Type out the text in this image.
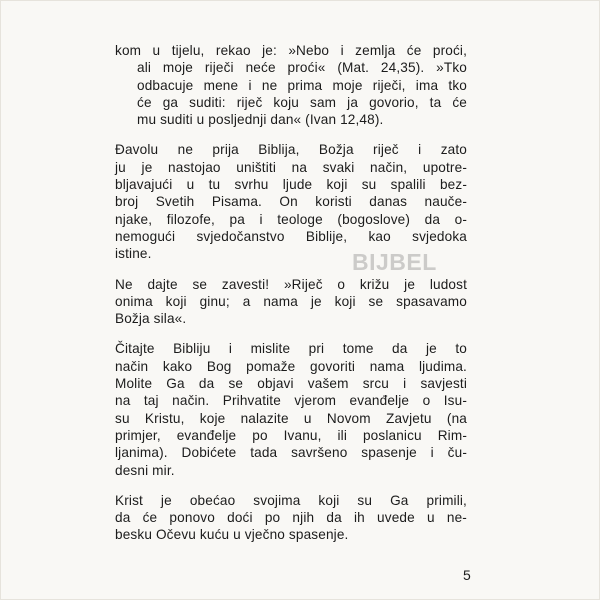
kom u tijelu, rekao je: »Nebo i zemlja će proći,
ali moje riječi neće proći« (Mat. 24,35). »Tko
odbacuje mene i ne prima moje riječi, ima tko
će ga suditi: riječ koju sam ja govorio, ta će
mu suditi u posljednji dan« (Ivan 12,48).
Đavolu ne prija Biblija, Božja riječ i zato
ju je nastojao uništiti na svaki način, upotre-
bljavajući u tu svrhu ljude koji su spalili bez-
broj Svetih Pisama. On koristi danas naučе-
njake, filozofe, pa i teologe (bogoslove) da o-
nemogući svjedočanstvo Biblije, kao svjedoka
istine.
Ne dajte se zavesti! »Riječ o križu je ludost
onima koji ginu; a nama je koji se spasavamo
Božja sila«.
Čitajte Bibliju i mislite pri tome da je to
način kako Bog pomaže govoriti nama ljudima.
Molite Ga da se objavi vašem srcu i savjesti
na taj način. Prihvatite vjerom evanđelje o Isu-
su Kristu, koje nalazite u Novom Zavjetu (na
primjer, evanđelje po Ivanu, ili poslanicu Rim-
ljanima). Dobićete tada savršeno spasenje i ču-
desni mir.
Krist je obećao svojima koji su Ga primili,
da će ponovo doći po njih da ih uvede u ne-
besku Očevu kuću u vječno spasenje.
BIJBEL
5
